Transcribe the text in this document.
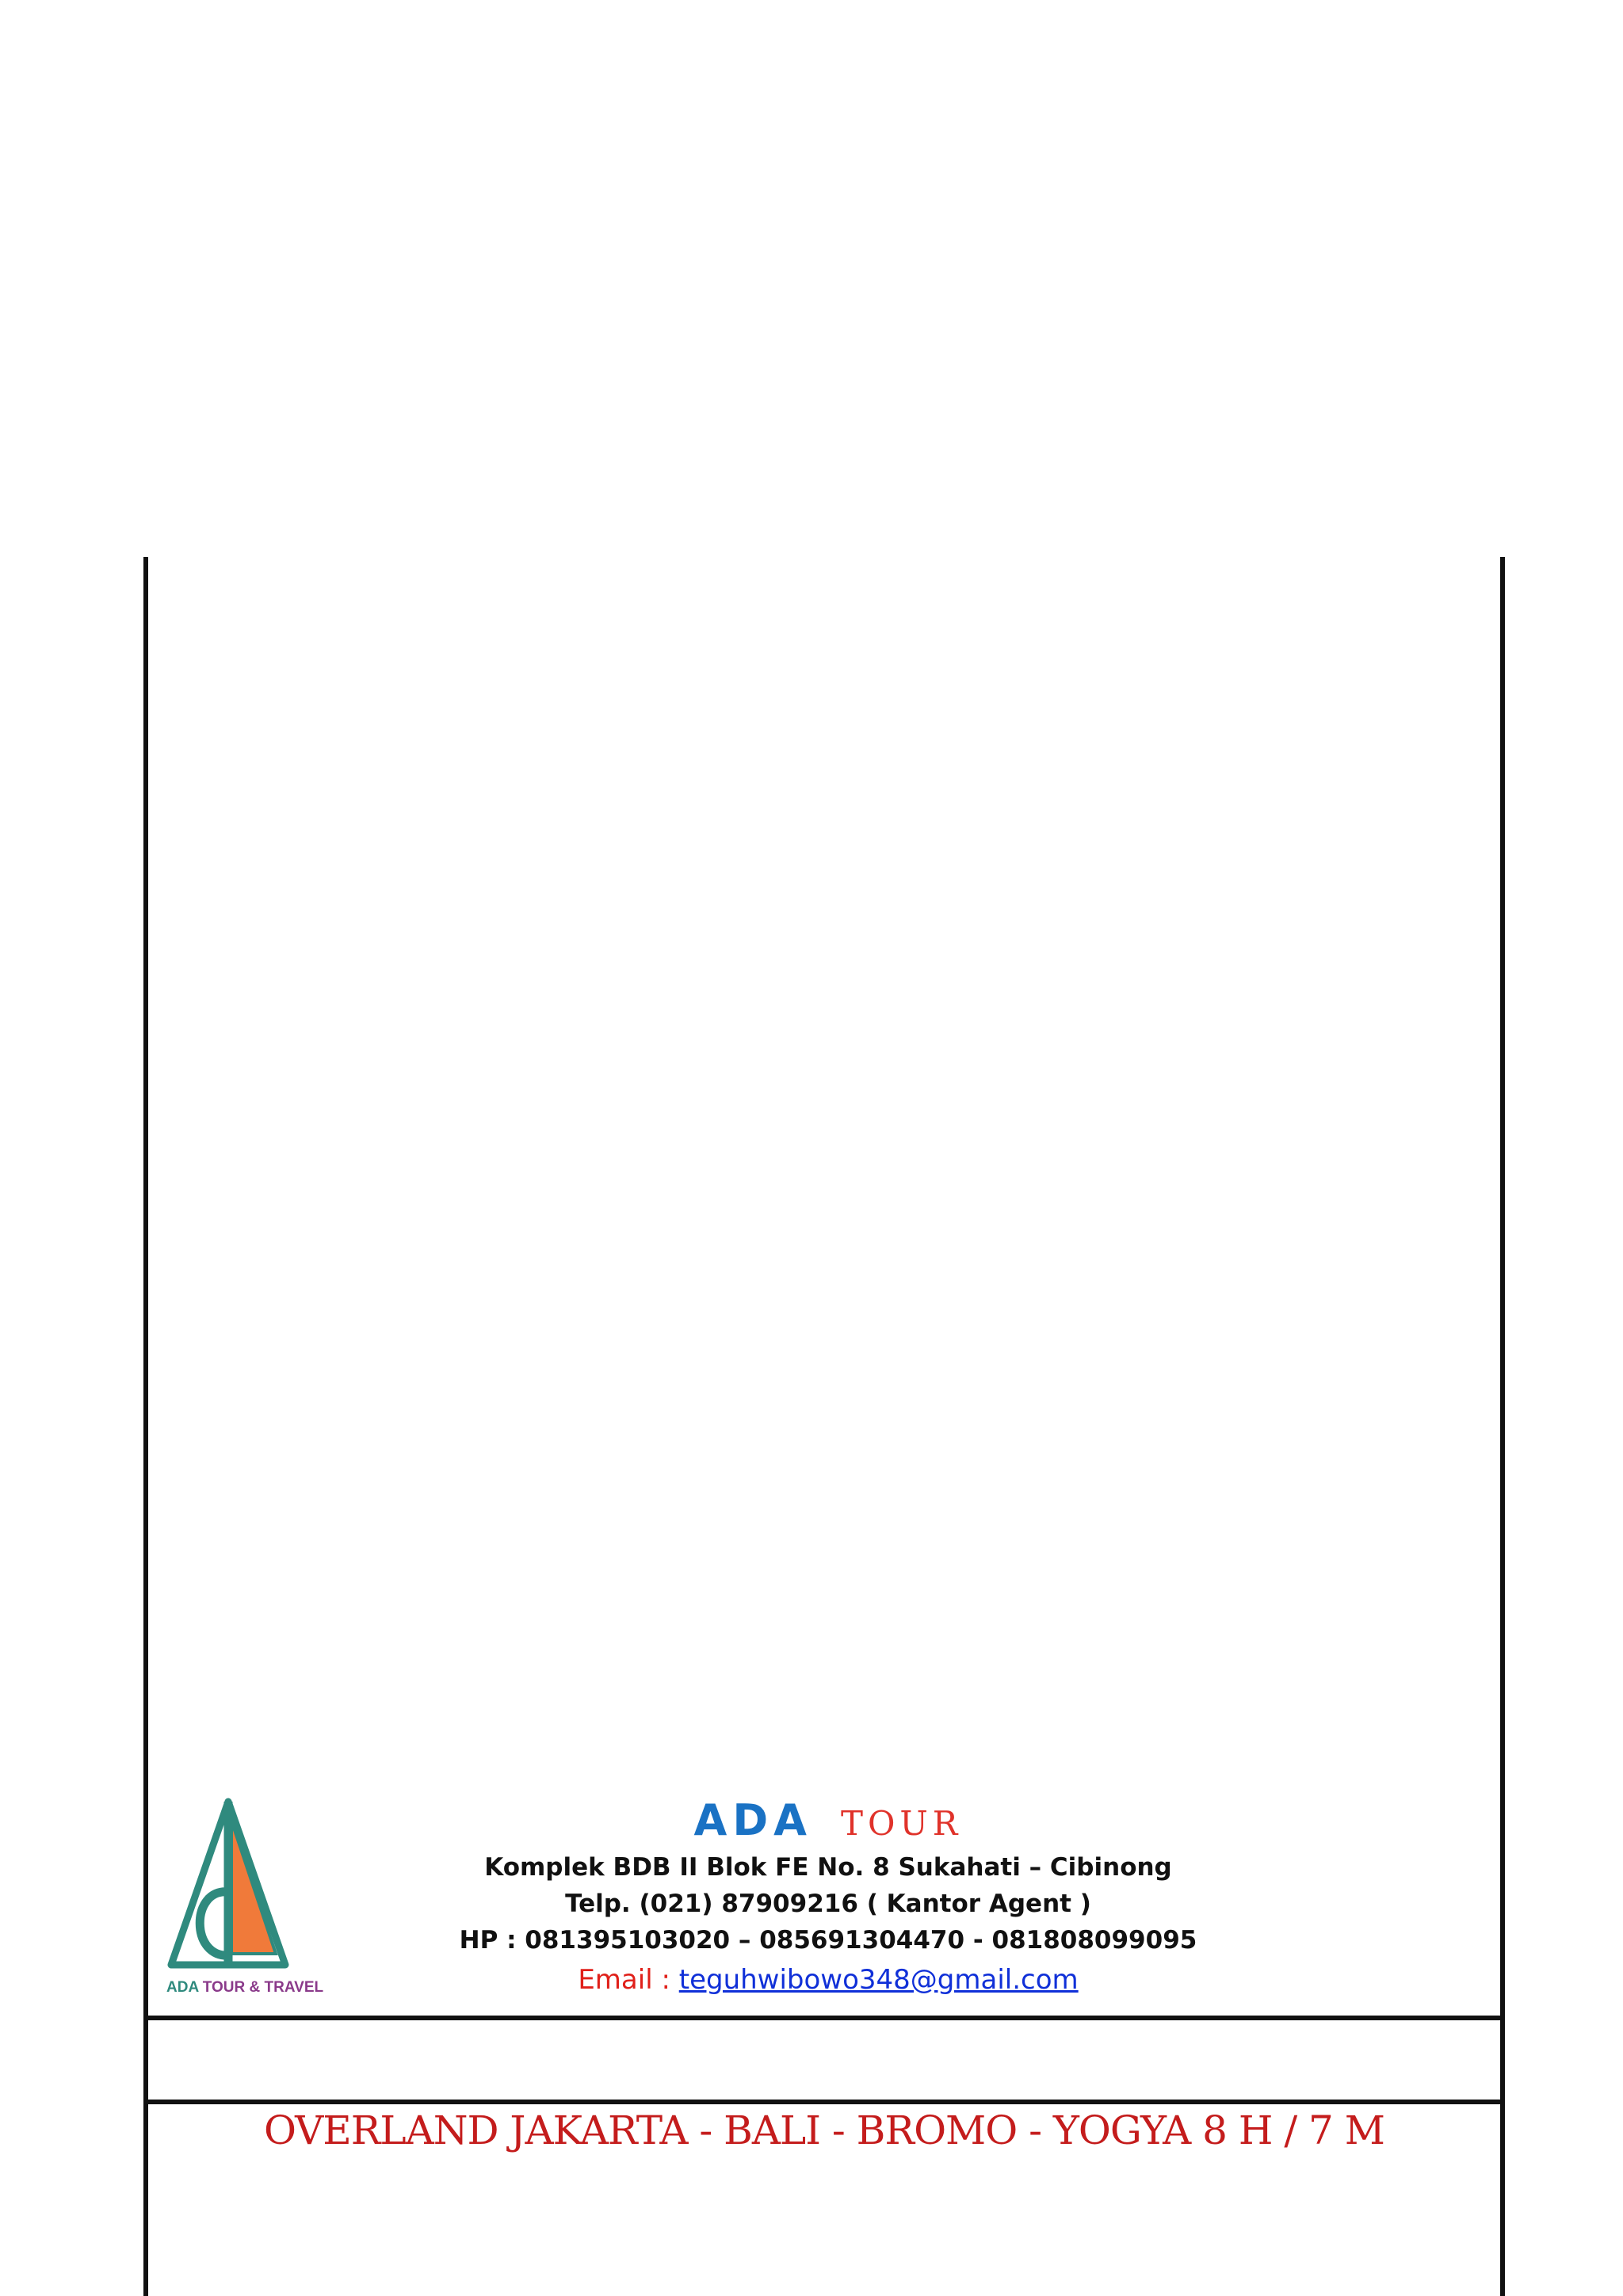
ADA TOUR & TRAVEL
ADA TOUR
Komplek BDB II Blok FE No. 8 Sukahati – Cibinong
Telp. (021) 87909216 ( Kantor Agent )
HP : 081395103020 – 085691304470 - 081808099095
Email : teguhwibowo348@gmail.com
OVERLAND JAKARTA - BALI - BROMO - YOGYA 8 H / 7 M
